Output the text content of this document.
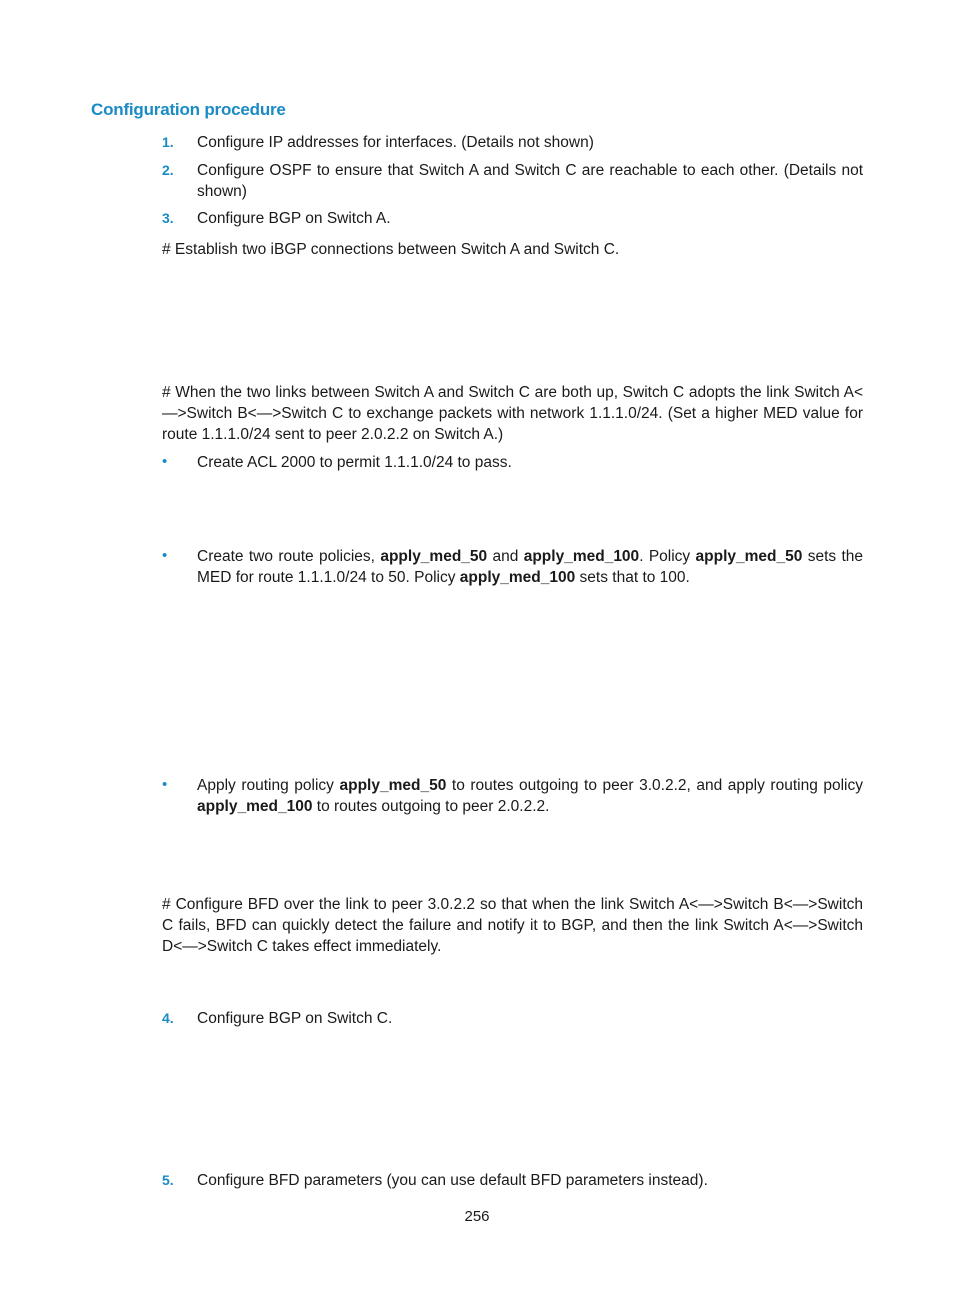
Configuration procedure
1. Configure IP addresses for interfaces. (Details not shown)
2. Configure OSPF to ensure that Switch A and Switch C are reachable to each other. (Details not shown)
3. Configure BGP on Switch A.
# Establish two iBGP connections between Switch A and Switch C.
# When the two links between Switch A and Switch C are both up, Switch C adopts the link Switch A<—>Switch B<—>Switch C to exchange packets with network 1.1.1.0/24. (Set a higher MED value for route 1.1.1.0/24 sent to peer 2.0.2.2 on Switch A.)
• Create ACL 2000 to permit 1.1.1.0/24 to pass.
• Create two route policies, apply_med_50 and apply_med_100. Policy apply_med_50 sets the MED for route 1.1.1.0/24 to 50. Policy apply_med_100 sets that to 100.
• Apply routing policy apply_med_50 to routes outgoing to peer 3.0.2.2, and apply routing policy apply_med_100 to routes outgoing to peer 2.0.2.2.
# Configure BFD over the link to peer 3.0.2.2 so that when the link Switch A<—>Switch B<—>Switch C fails, BFD can quickly detect the failure and notify it to BGP, and then the link Switch A<—>Switch D<—>Switch C takes effect immediately.
4. Configure BGP on Switch C.
5. Configure BFD parameters (you can use default BFD parameters instead).
256
